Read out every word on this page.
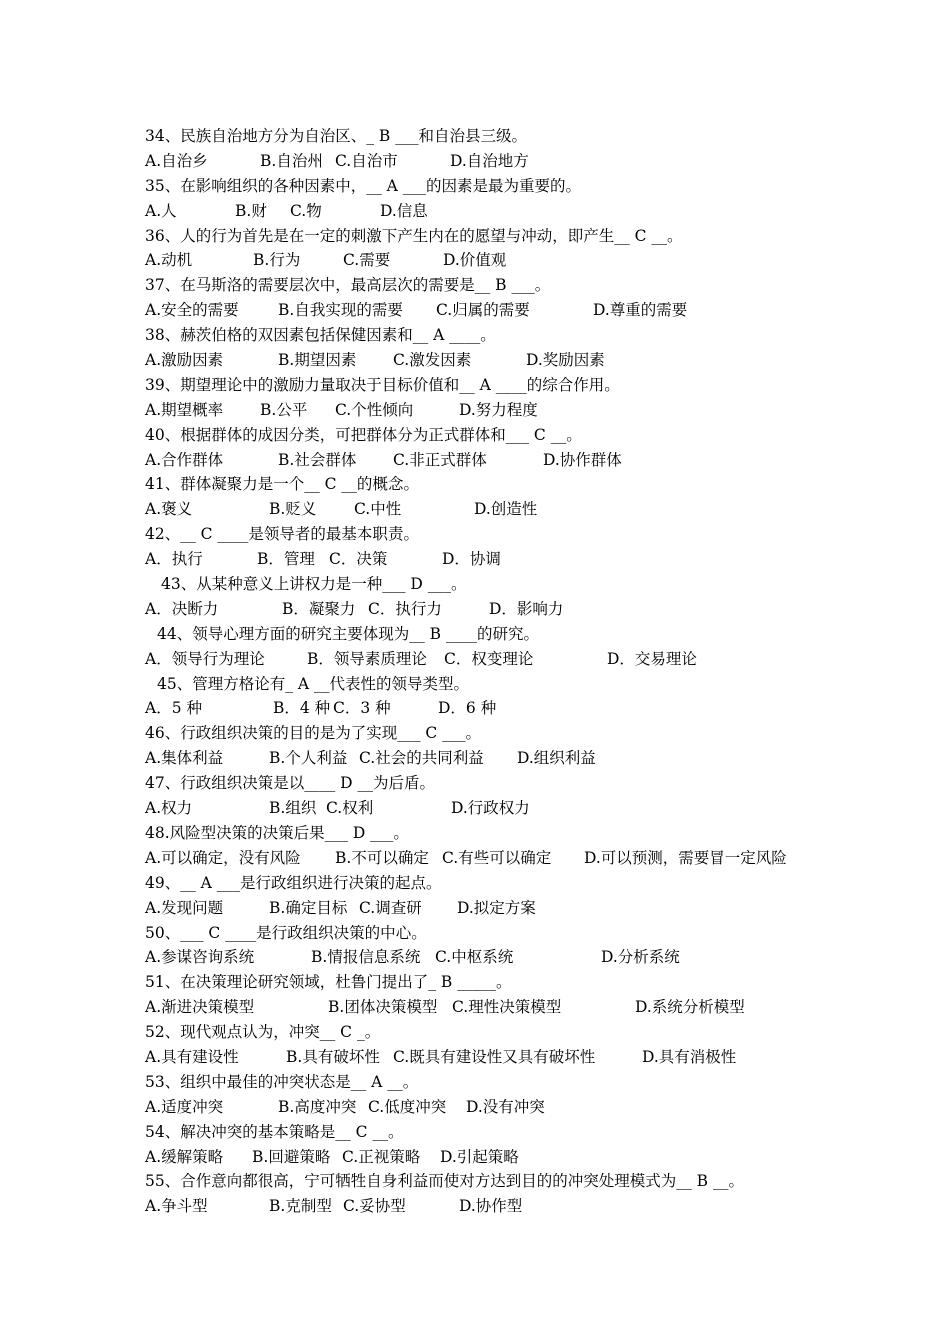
34、民族自治地方分为自治区、_ B ___和自治县三级。
A.自治乡	B.自治州 C.自治市	D.自治地方
35、在影响组织的各种因素中，__ A ___的因素是最为重要的。
A.人	B.财	C.物	D.信息
36、人的行为首先是在一定的刺激下产生内在的愿望与冲动，即产生__ C __。
A.动机	B.行为	C.需要	D.价值观
37、在马斯洛的需要层次中，最高层次的需要是__ B ___。
A.安全的需要	B.自我实现的需要	C.归属的需要	D.尊重的需要
38、赫茨伯格的双因素包括保健因素和__ A ____。
A.激励因素	B.期望因素	C.激发因素	D.奖励因素
39、期望理论中的激励力量取决于目标价值和__ A ____的综合作用。
A.期望概率	B.公平	C.个性倾向	D.努力程度
40、根据群体的成因分类，可把群体分为正式群体和___ C __。
A.合作群体	B.社会群体	C.非正式群体	D.协作群体
41、群体凝聚力是一个__ C __的概念。
A.褒义	B.贬义	C.中性	D.创造性
42、__ C ____是领导者的最基本职责。
A．执行	B．管理 C．决策	D．协调
43、从某种意义上讲权力是一种___ D ___。
A．决断力	B．凝聚力 C．执行力	D．影响力
44、领导心理方面的研究主要体现为__ B ____的研究。
A．领导行为理论	B．领导素质理论	C．权变理论	D．交易理论
45、管理方格论有_ A __代表性的领导类型。
A．5 种	B．4 种 C．3 种	D．6 种
46、行政组织决策的目的是为了实现___ C ___。
A.集体利益	B.个人利益 C.社会的共同利益	D.组织利益
47、行政组织决策是以____ D __为后盾。
A.权力	B.组织 C.权利	D.行政权力
48.风险型决策的决策后果___ D ___。
A.可以确定，没有风险	B.不可以确定 C.有些可以确定	D.可以预测，需要冒一定风险
49、__ A ___是行政组织进行决策的起点。
A.发现问题	B.确定目标 C.调查研	D.拟定方案
50、___ C ____是行政组织决策的中心。
A.参谋咨询系统	B.情报信息系统 C.中枢系统	D.分析系统
51、在决策理论研究领域，杜鲁门提出了_ B _____。
A.渐进决策模型	B.团体决策模型 C.理性决策模型	D.系统分析模型
52、现代观点认为，冲突__ C _。
A.具有建设性	B.具有破坏性 C.既具有建设性又具有破坏性	D.具有消极性
53、组织中最佳的冲突状态是__ A __。
A.适度冲突	B.高度冲突 C.低度冲突	D.没有冲突
54、解决冲突的基本策略是__ C __。
A.缓解策略	B.回避策略 C.正视策略	D.引起策略
55、合作意向都很高，宁可牺牲自身利益而使对方达到目的的冲突处理模式为__ B __。
A.争斗型	B.克制型 C.妥协型	D.协作型
